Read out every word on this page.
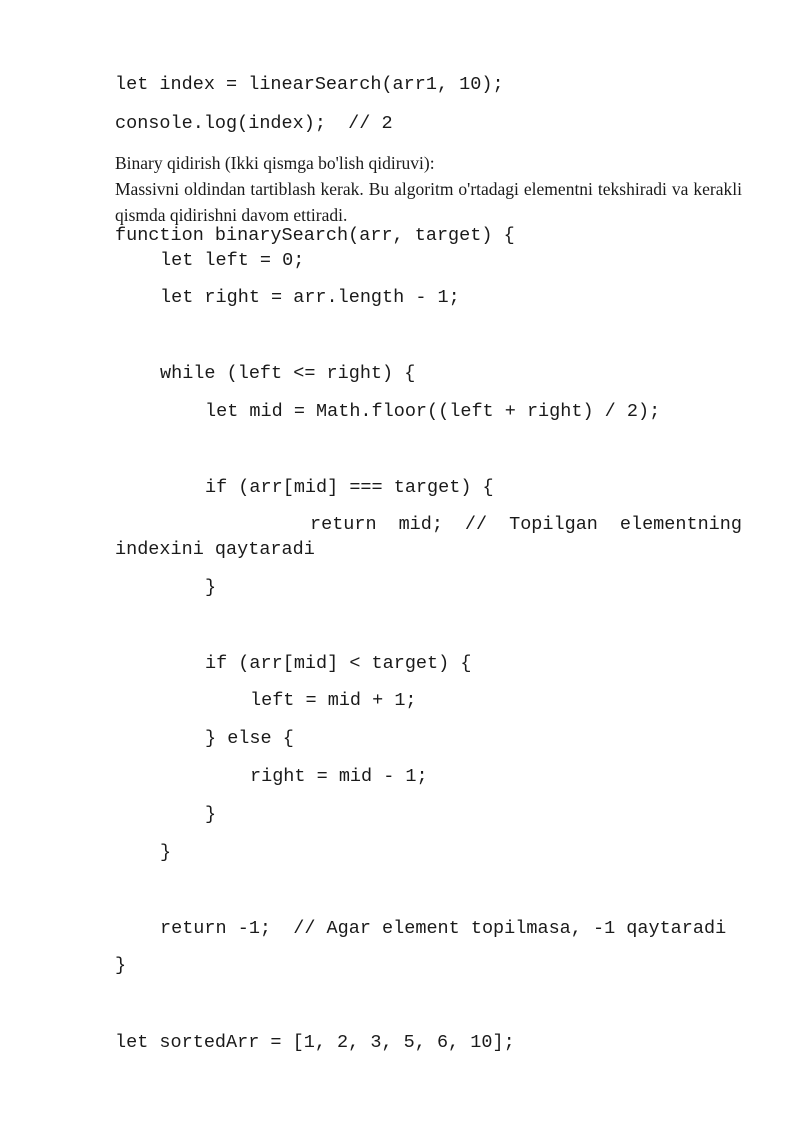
let index = linearSearch(arr1, 10);
console.log(index);  // 2
Binary qidirish (Ikki qismga bo'lish qidiruvi):
Massivni oldindan tartiblash kerak. Bu algoritm o'rtadagi elementni tekshiradi va kerakli qismda qidirishni davom ettiradi.
function binarySearch(arr, target) {
let left = 0;
let right = arr.length - 1;
while (left <= right) {
let mid = Math.floor((left + right) / 2);
if (arr[mid] === target) {
return mid; // Topilgan elementning
indexini qaytaradi
}
if (arr[mid] < target) {
left = mid + 1;
} else {
right = mid - 1;
}
}
return -1;  // Agar element topilmasa, -1 qaytaradi
}
let sortedArr = [1, 2, 3, 5, 6, 10];
